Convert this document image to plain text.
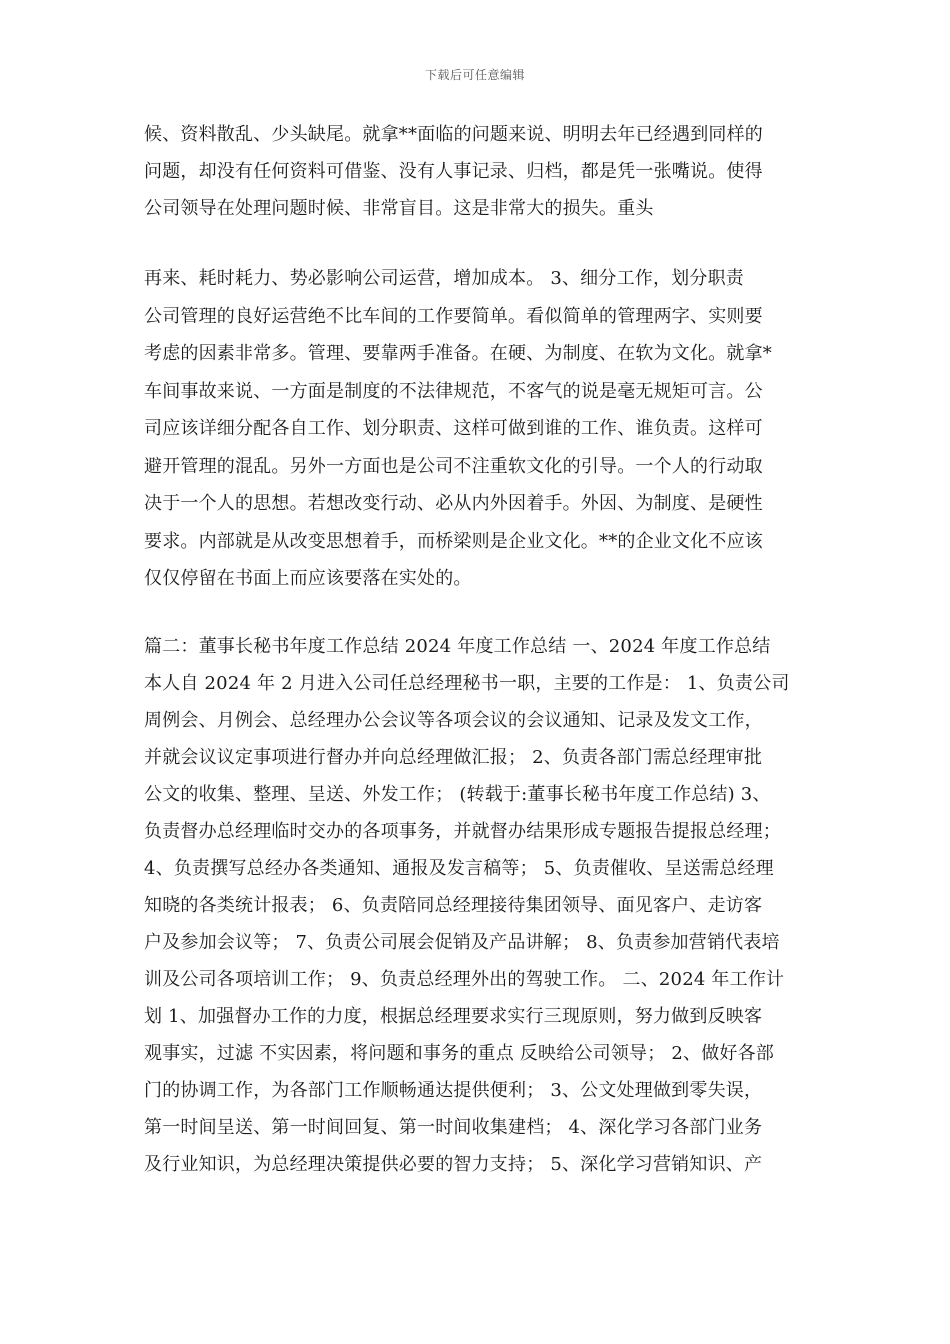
下载后可任意编辑
候、资料散乱、少头缺尾。就拿**面临的问题来说、明明去年已经遇到同样的
问题，却没有任何资料可借鉴、没有人事记录、归档，都是凭一张嘴说。使得
公司领导在处理问题时候、非常盲目。这是非常大的损失。重头
再来、耗时耗力、势必影响公司运营，增加成本。 3、细分工作，划分职责
公司管理的良好运营绝不比车间的工作要简单。看似简单的管理两字、实则要
考虑的因素非常多。管理、要靠两手准备。在硬、为制度、在软为文化。就拿*
车间事故来说、一方面是制度的不法律规范，不客气的说是毫无规矩可言。公
司应该详细分配各自工作、划分职责、这样可做到谁的工作、谁负责。这样可
避开管理的混乱。另外一方面也是公司不注重软文化的引导。一个人的行动取
决于一个人的思想。若想改变行动、必从内外因着手。外因、为制度、是硬性
要求。内部就是从改变思想着手，而桥梁则是企业文化。**的企业文化不应该
仅仅停留在书面上而应该要落在实处的。
篇二：董事长秘书年度工作总结 2024 年度工作总结 一、2024 年度工作总结
本人自 2024 年 2 月进入公司任总经理秘书一职，主要的工作是： 1、负责公司
周例会、月例会、总经理办公会议等各项会议的会议通知、记录及发文工作，
并就会议议定事项进行督办并向总经理做汇报； 2、负责各部门需总经理审批
公文的收集、整理、呈送、外发工作； (转载于:董事长秘书年度工作总结) 3、
负责督办总经理临时交办的各项事务，并就督办结果形成专题报告提报总经理；
4、负责撰写总经办各类通知、通报及发言稿等； 5、负责催收、呈送需总经理
知晓的各类统计报表； 6、负责陪同总经理接待集团领导、面见客户、走访客
户及参加会议等； 7、负责公司展会促销及产品讲解； 8、负责参加营销代表培
训及公司各项培训工作； 9、负责总经理外出的驾驶工作。 二、2024 年工作计
划 1、加强督办工作的力度，根据总经理要求实行三现原则，努力做到反映客
观事实，过滤 不实因素，将问题和事务的重点 反映给公司领导； 2、做好各部
门的协调工作，为各部门工作顺畅通达提供便利； 3、公文处理做到零失误，
第一时间呈送、第一时间回复、第一时间收集建档； 4、深化学习各部门业务
及行业知识，为总经理决策提供必要的智力支持； 5、深化学习营销知识、产
